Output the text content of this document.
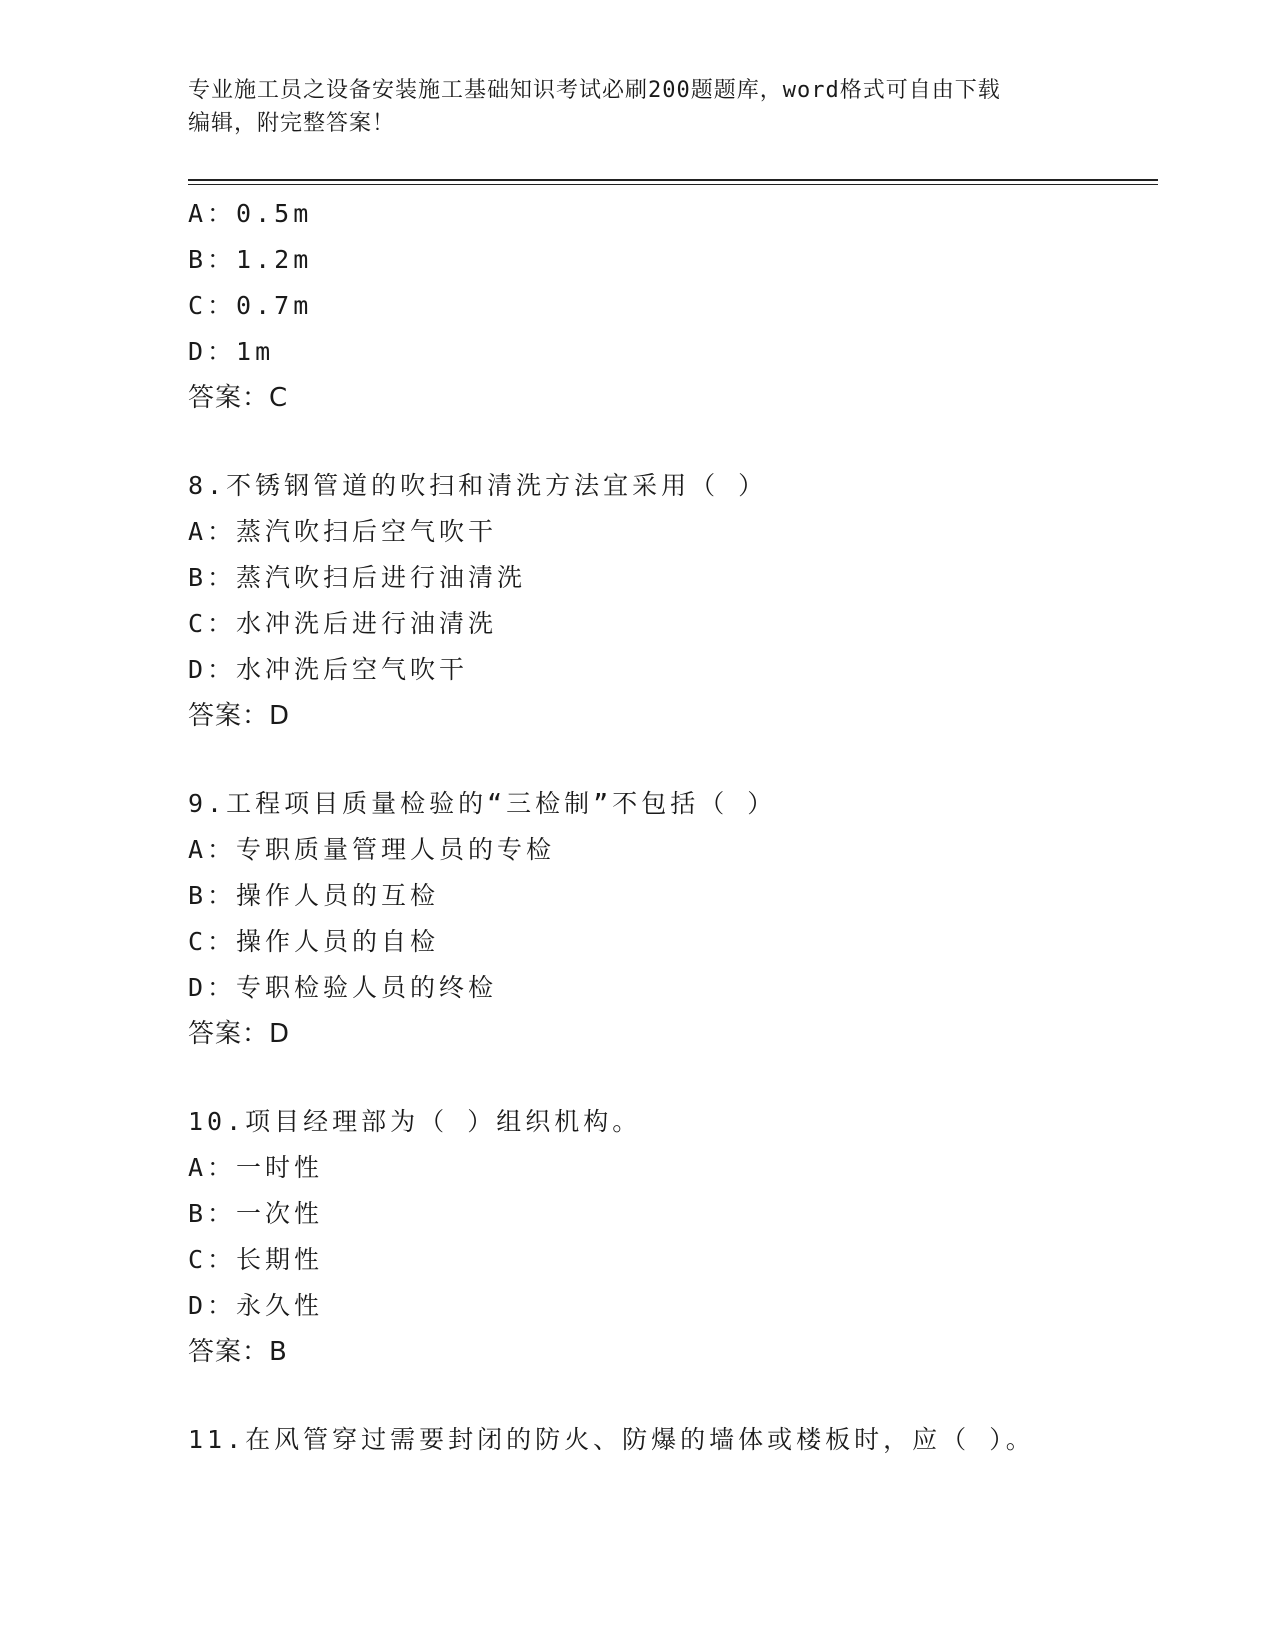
专业施工员之设备安装施工基础知识考试必刷200题题库，word格式可自由下载
编辑，附完整答案！
A：0.5m
B：1.2m
C：0.7m
D：1m
答案：C
8.不锈钢管道的吹扫和清洗方法宜采用（ ）
A：蒸汽吹扫后空气吹干
B：蒸汽吹扫后进行油清洗
C：水冲洗后进行油清洗
D：水冲洗后空气吹干
答案：D
9.工程项目质量检验的“三检制”不包括（ ）
A：专职质量管理人员的专检
B：操作人员的互检
C：操作人员的自检
D：专职检验人员的终检
答案：D
10.项目经理部为（ ）组织机构。
A：一时性
B：一次性
C：长期性
D：永久性
答案：B
11.在风管穿过需要封闭的防火、防爆的墙体或楼板时，应（ ）。
